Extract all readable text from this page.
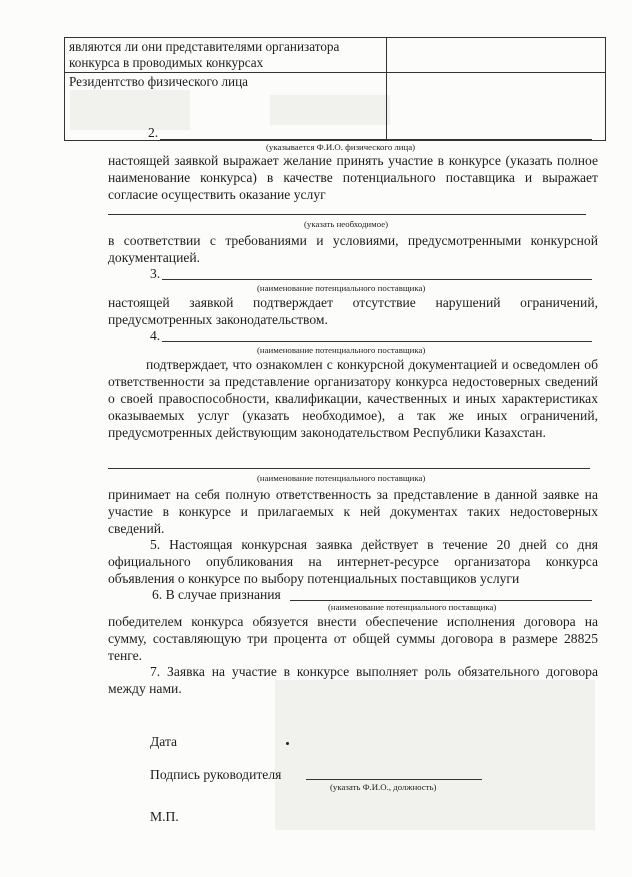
являются ли они представителями организатора конкурса в проводимых конкурсах	
Резидентство физического лица	
2.
(указывается Ф.И.О. физического лица)
настоящей заявкой выражает желание принять участие в конкурсе (указать полное наименование конкурса) в качестве потенциального поставщика и выражает согласие осуществить оказание услуг
(указать необходимое)
в соответствии с требованиями и условиями, предусмотренными конкурсной документацией.
3.
(наименование потенциального поставщика)
настоящей заявкой подтверждает отсутствие нарушений ограничений, предусмотренных законодательством.
4.
(наименование потенциального поставщика)
подтверждает, что ознакомлен с конкурсной документацией и осведомлен об ответственности за представление организатору конкурса недостоверных сведений о своей правоспособности, квалификации, качественных и иных характеристиках оказываемых услуг (указать необходимое), а так же иных ограничений, предусмотренных действующим законодательством Республики Казахстан.
(наименование потенциального поставщика)
принимает на себя полную ответственность за представление в данной заявке на участие в конкурсе и прилагаемых к ней документах таких недостоверных сведений.
5. Настоящая конкурсная заявка действует в течение 20 дней со дня официального опубликования на интернет-ресурсе организатора конкурса объявления о конкурсе по выбору потенциальных поставщиков услуги
6. В случае признания
(наименование потенциального поставщика)
победителем конкурса обязуется внести обеспечение исполнения договора на сумму, составляющую три процента от общей суммы договора в размере 28825 тенге.
7. Заявка на участие в конкурсе выполняет роль обязательного договора между нами.
Дата
Подпись руководителя
(указать Ф.И.О., должность)
М.П.
